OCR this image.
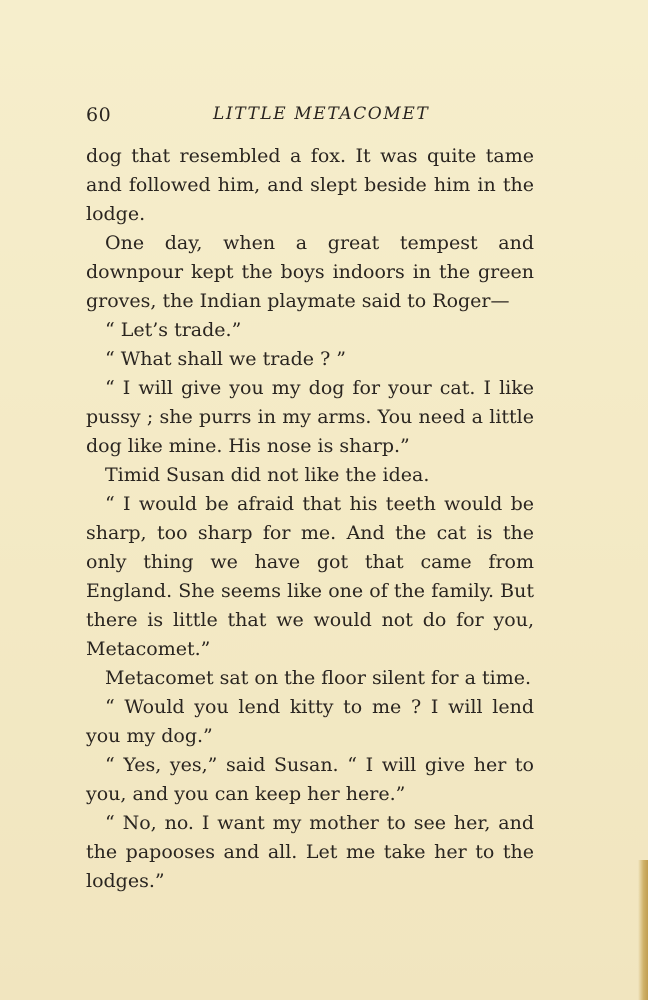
60	LITTLE METACOMET

dog that resembled a fox. It was quite tame and followed him, and slept beside him in the lodge.

One day, when a great tempest and downpour kept the boys indoors in the green groves, the Indian playmate said to Roger—

“ Let’s trade.”

“ What shall we trade ? ”

“ I will give you my dog for your cat. I like pussy ; she purrs in my arms. You need a little dog like mine. His nose is sharp.”

Timid Susan did not like the idea.

“ I would be afraid that his teeth would be sharp, too sharp for me. And the cat is the only thing we have got that came from England. She seems like one of the family. But there is little that we would not do for you, Metacomet.”

Metacomet sat on the floor silent for a time.

“ Would you lend kitty to me ? I will lend you my dog.”

“ Yes, yes,” said Susan. “ I will give her to you, and you can keep her here.”

“ No, no. I want my mother to see her, and the papooses and all. Let me take her to the lodges.”
